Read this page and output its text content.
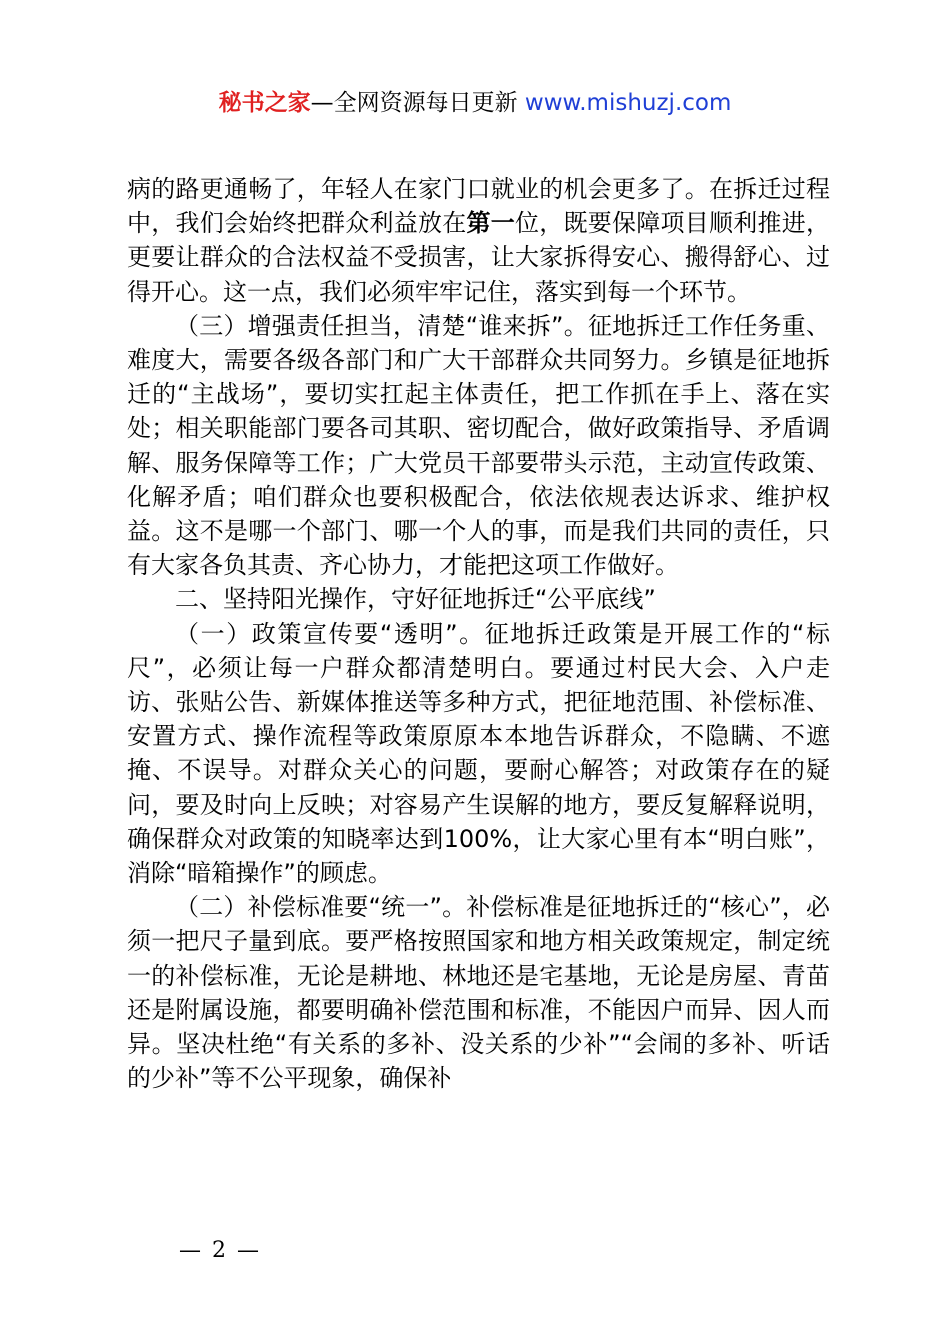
秘书之家—全网资源每日更新 www.mishuzj.com

病的路更通畅了，年轻人在家门口就业的机会更多了。在拆迁过程中，我们会始终把群众利益放在第一位，既要保障项目顺利推进，更要让群众的合法权益不受损害，让大家拆得安心、搬得舒心、过得开心。这一点，我们必须牢牢记住，落实到每一个环节。

（三）增强责任担当，清楚“谁来拆”。征地拆迁工作任务重、难度大，需要各级各部门和广大干部群众共同努力。乡镇是征地拆迁的“主战场”，要切实扛起主体责任，把工作抓在手上、落在实处；相关职能部门要各司其职、密切配合，做好政策指导、矛盾调解、服务保障等工作；广大党员干部要带头示范，主动宣传政策、化解矛盾；咱们群众也要积极配合，依法依规表达诉求、维护权益。这不是哪一个部门、哪一个人的事，而是我们共同的责任，只有大家各负其责、齐心协力，才能把这项工作做好。

二、坚持阳光操作，守好征地拆迁“公平底线”

（一）政策宣传要“透明”。征地拆迁政策是开展工作的“标尺”，必须让每一户群众都清楚明白。要通过村民大会、入户走访、张贴公告、新媒体推送等多种方式，把征地范围、补偿标准、安置方式、操作流程等政策原原本本地告诉群众，不隐瞒、不遮掩、不误导。对群众关心的问题，要耐心解答；对政策存在的疑问，要及时向上反映；对容易产生误解的地方，要反复解释说明，确保群众对政策的知晓率达到100%，让大家心里有本“明白账”，消除“暗箱操作”的顾虑。

（二）补偿标准要“统一”。补偿标准是征地拆迁的“核心”，必须一把尺子量到底。要严格按照国家和地方相关政策规定，制定统一的补偿标准，无论是耕地、林地还是宅基地，无论是房屋、青苗还是附属设施，都要明确补偿范围和标准，不能因户而异、因人而异。坚决杜绝“有关系的多补、没关系的少补”“会闹的多补、听话的少补”等不公平现象，确保补

— 2 —
